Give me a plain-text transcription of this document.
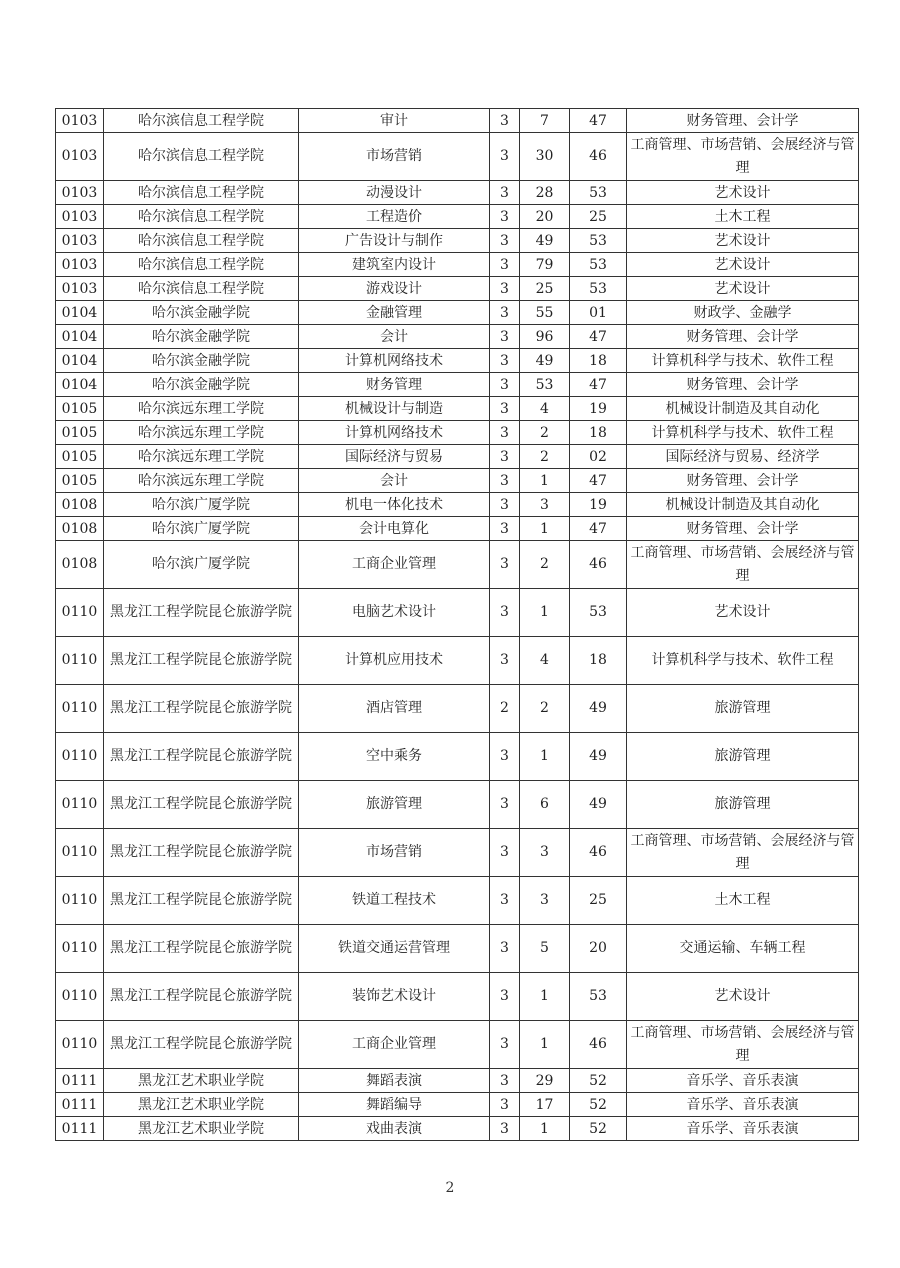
0103	哈尔滨信息工程学院	审计	3	7	47	财务管理、会计学
0103	哈尔滨信息工程学院	市场营销	3	30	46	工商管理、市场营销、会展经济与管理
0103	哈尔滨信息工程学院	动漫设计	3	28	53	艺术设计
0103	哈尔滨信息工程学院	工程造价	3	20	25	土木工程
0103	哈尔滨信息工程学院	广告设计与制作	3	49	53	艺术设计
0103	哈尔滨信息工程学院	建筑室内设计	3	79	53	艺术设计
0103	哈尔滨信息工程学院	游戏设计	3	25	53	艺术设计
0104	哈尔滨金融学院	金融管理	3	55	01	财政学、金融学
0104	哈尔滨金融学院	会计	3	96	47	财务管理、会计学
0104	哈尔滨金融学院	计算机网络技术	3	49	18	计算机科学与技术、软件工程
0104	哈尔滨金融学院	财务管理	3	53	47	财务管理、会计学
0105	哈尔滨远东理工学院	机械设计与制造	3	4	19	机械设计制造及其自动化
0105	哈尔滨远东理工学院	计算机网络技术	3	2	18	计算机科学与技术、软件工程
0105	哈尔滨远东理工学院	国际经济与贸易	3	2	02	国际经济与贸易、经济学
0105	哈尔滨远东理工学院	会计	3	1	47	财务管理、会计学
0108	哈尔滨广厦学院	机电一体化技术	3	3	19	机械设计制造及其自动化
0108	哈尔滨广厦学院	会计电算化	3	1	47	财务管理、会计学
0108	哈尔滨广厦学院	工商企业管理	3	2	46	工商管理、市场营销、会展经济与管理
0110	黑龙江工程学院昆仑旅游学院	电脑艺术设计	3	1	53	艺术设计
0110	黑龙江工程学院昆仑旅游学院	计算机应用技术	3	4	18	计算机科学与技术、软件工程
0110	黑龙江工程学院昆仑旅游学院	酒店管理	2	2	49	旅游管理
0110	黑龙江工程学院昆仑旅游学院	空中乘务	3	1	49	旅游管理
0110	黑龙江工程学院昆仑旅游学院	旅游管理	3	6	49	旅游管理
0110	黑龙江工程学院昆仑旅游学院	市场营销	3	3	46	工商管理、市场营销、会展经济与管理
0110	黑龙江工程学院昆仑旅游学院	铁道工程技术	3	3	25	土木工程
0110	黑龙江工程学院昆仑旅游学院	铁道交通运营管理	3	5	20	交通运输、车辆工程
0110	黑龙江工程学院昆仑旅游学院	装饰艺术设计	3	1	53	艺术设计
0110	黑龙江工程学院昆仑旅游学院	工商企业管理	3	1	46	工商管理、市场营销、会展经济与管理
0111	黑龙江艺术职业学院	舞蹈表演	3	29	52	音乐学、音乐表演
0111	黑龙江艺术职业学院	舞蹈编导	3	17	52	音乐学、音乐表演
0111	黑龙江艺术职业学院	戏曲表演	3	1	52	音乐学、音乐表演
2
